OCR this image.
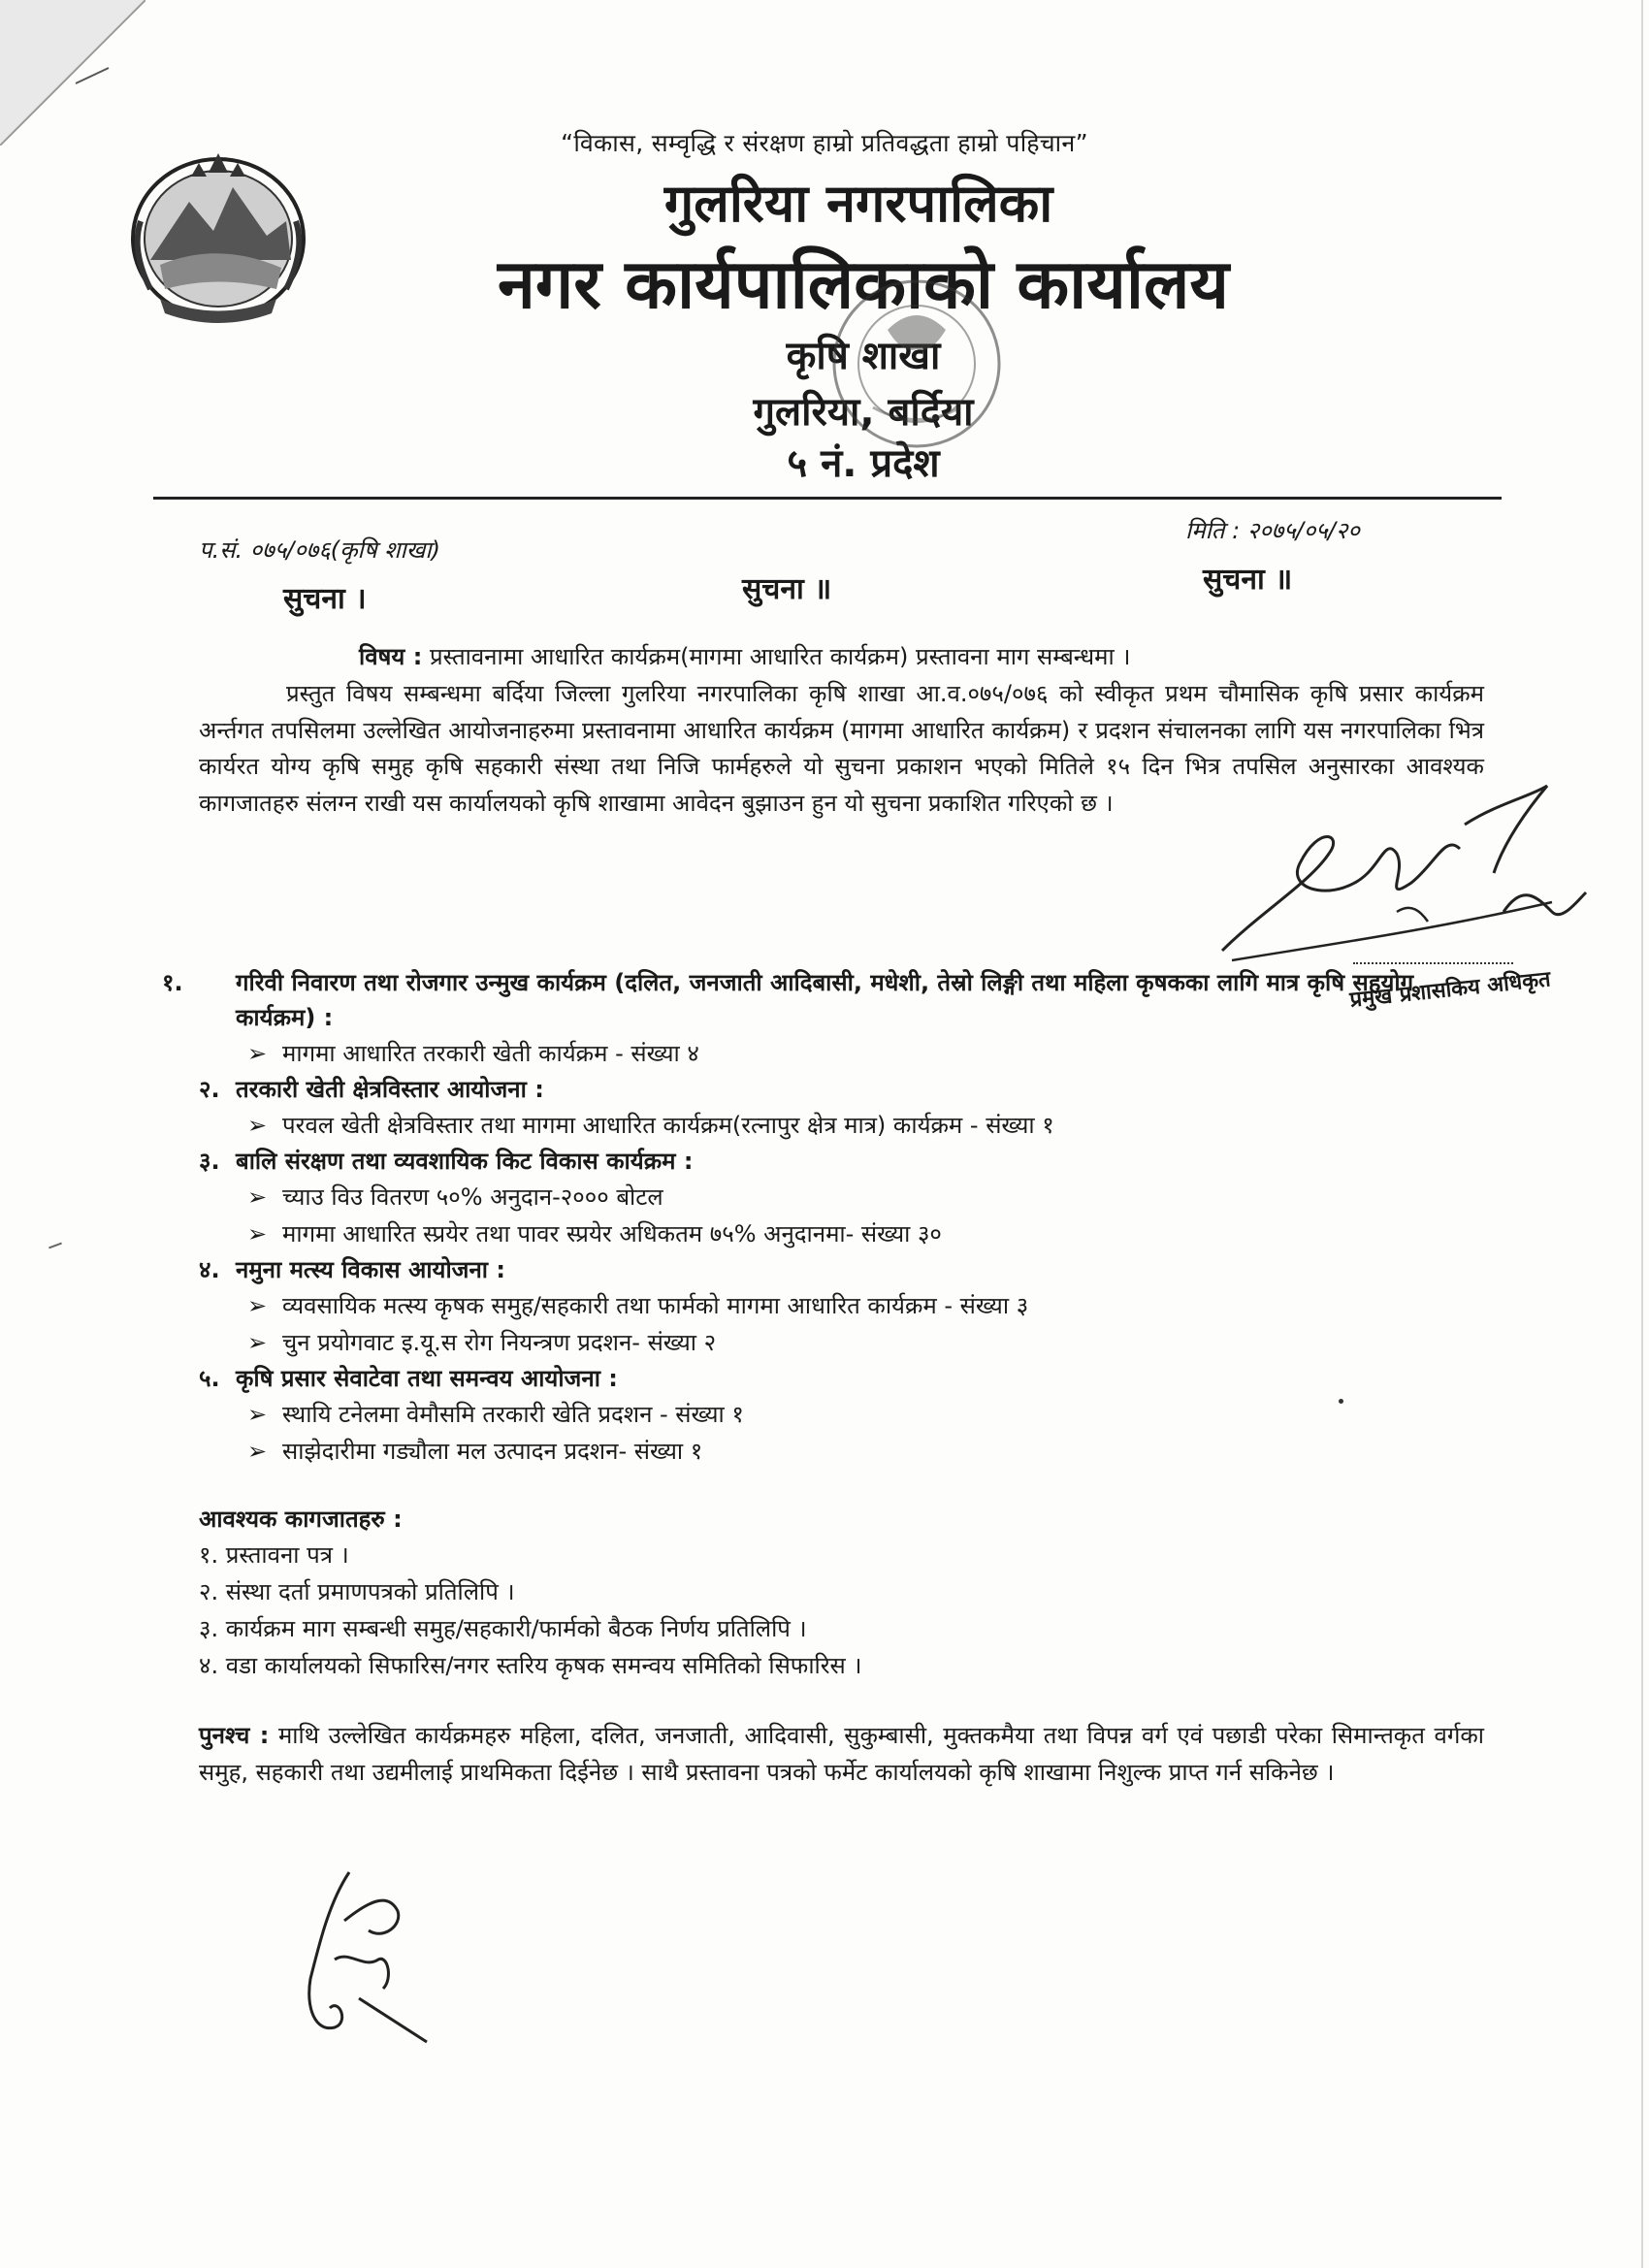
“विकास, सम्वृद्धि र संरक्षण हाम्रो प्रतिवद्धता हाम्रो पहिचान”
गुलरिया नगरपालिका
नगर कार्यपालिकाको कार्यालय
कृषि शाखा
गुलरिया, बर्दिया
५ नं. प्रदेश
प.सं. ०७५/०७६(कृषि शाखा)
मिति : २०७५/०५/२०
सुचना ।	सुचना ॥	सुचना ॥
विषय : प्रस्तावनामा आधारित कार्यक्रम(मागमा आधारित कार्यक्रम) प्रस्तावना माग सम्बन्धमा ।
प्रस्तुत विषय सम्बन्धमा बर्दिया जिल्ला गुलरिया नगरपालिका कृषि शाखा आ.व.०७५/०७६ को स्वीकृत प्रथम चौमासिक कृषि प्रसार कार्यक्रम अर्न्तगत तपसिलमा उल्लेखित आयोजनाहरुमा प्रस्तावनामा आधारित कार्यक्रम (मागमा आधारित कार्यक्रम) र प्रदशन संचालनका लागि यस नगरपालिका भित्र कार्यरत योग्य कृषि समुह कृषि सहकारी संस्था तथा निजि फार्महरुले यो सुचना प्रकाशन भएको मितिले १५ दिन भित्र तपसिल अनुसारका आवश्यक कागजातहरु संलग्न राखी यस कार्यालयको कृषि शाखामा आवेदन बुझाउन हुन यो सुचना प्रकाशित गरिएको छ ।
प्रमुख प्रशासकिय अधिकृत
१. गरिवी निवारण तथा रोजगार उन्मुख कार्यक्रम (दलित, जनजाती आदिबासी, मधेशी, तेस्रो लिङ्गी तथा महिला कृषकका लागि मात्र कृषि सहयोग कार्यक्रम) :
➢ मागमा आधारित तरकारी खेती कार्यक्रम - संख्या ४
२. तरकारी खेती क्षेत्रविस्तार आयोजना :
➢ परवल खेती क्षेत्रविस्तार तथा मागमा आधारित कार्यक्रम(रत्नापुर क्षेत्र मात्र) कार्यक्रम - संख्या १
३. बालि संरक्षण तथा व्यवशायिक किट विकास कार्यक्रम :
➢ च्याउ विउ वितरण ५०% अनुदान-२००० बोटल
➢ मागमा आधारित स्प्रयेर तथा पावर स्प्रयेर अधिकतम ७५% अनुदानमा- संख्या ३०
४. नमुना मत्स्य विकास आयोजना :
➢ व्यवसायिक मत्स्य कृषक समुह/सहकारी तथा फार्मको मागमा आधारित कार्यक्रम - संख्या ३
➢ चुन प्रयोगवाट इ.यू.स रोग नियन्त्रण प्रदशन- संख्या २
५. कृषि प्रसार सेवाटेवा तथा समन्वय आयोजना :
➢ स्थायि टनेलमा वेमौसमि तरकारी खेति प्रदशन - संख्या १
➢ साझेदारीमा गड्यौला मल उत्पादन प्रदशन- संख्या १
आवश्यक कागजातहरु :
१. प्रस्तावना पत्र ।
२. संस्था दर्ता प्रमाणपत्रको प्रतिलिपि ।
३. कार्यक्रम माग सम्बन्धी समुह/सहकारी/फार्मको बैठक निर्णय प्रतिलिपि ।
४. वडा कार्यालयको सिफारिस/नगर स्तरिय कृषक समन्वय समितिको सिफारिस ।
पुनश्च : माथि उल्लेखित कार्यक्रमहरु महिला, दलित, जनजाती, आदिवासी, सुकुम्बासी, मुक्तकमैया तथा विपन्न वर्ग एवं पछाडी परेका सिमान्तकृत वर्गका समुह, सहकारी तथा उद्यमीलाई प्राथमिकता दिईनेछ । साथै प्रस्तावना पत्रको फर्मेट कार्यालयको कृषि शाखामा निशुल्क प्राप्त गर्न सकिनेछ ।
